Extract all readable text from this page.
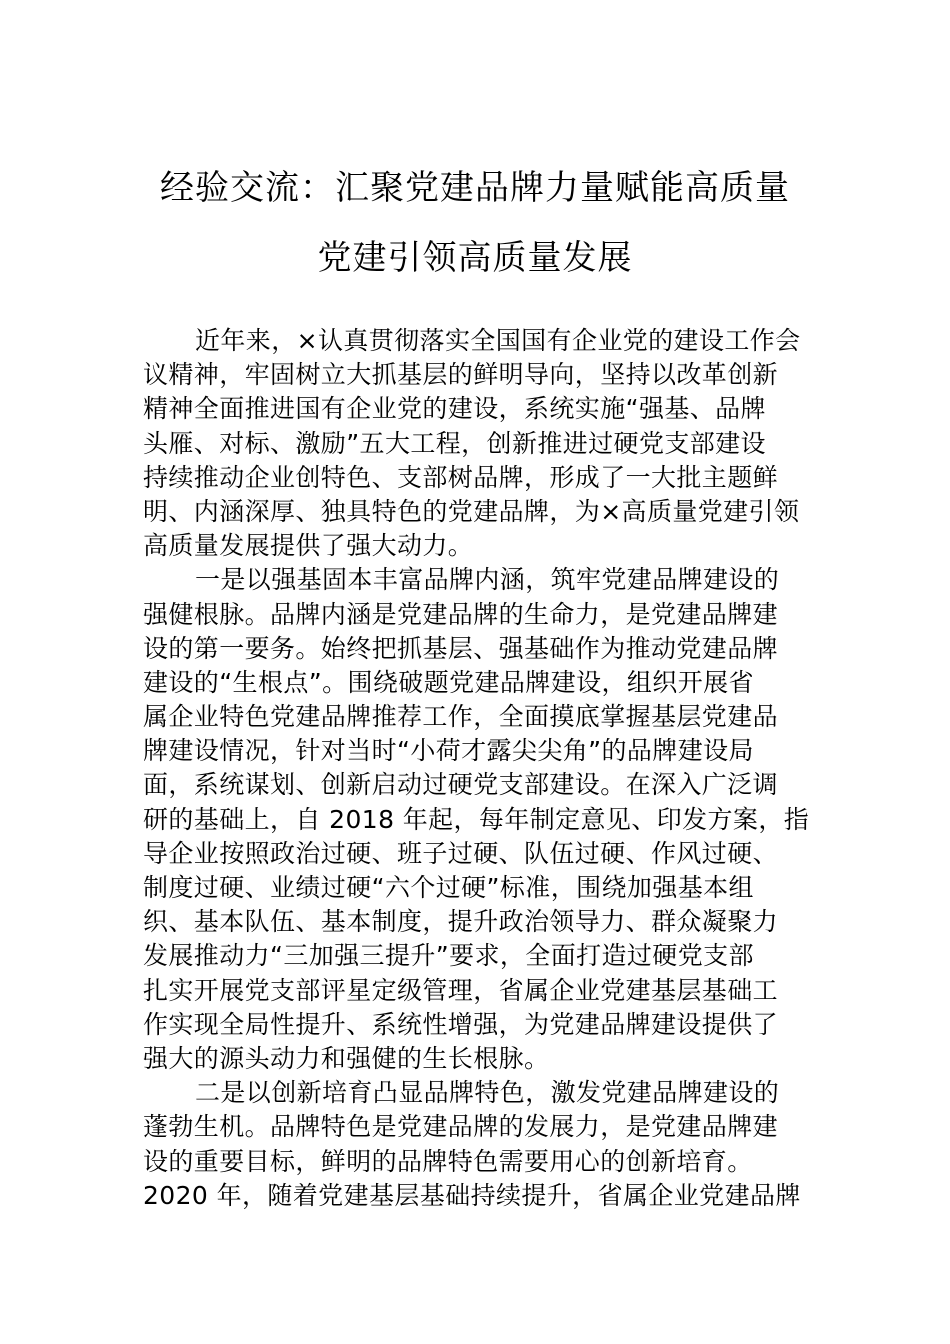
经验交流：汇聚党建品牌力量赋能高质量
党建引领高质量发展
近年来，×认真贯彻落实全国国有企业党的建设工作会
议精神，牢固树立大抓基层的鲜明导向，坚持以改革创新
精神全面推进国有企业党的建设，系统实施“强基、品牌
头雁、对标、激励”五大工程，创新推进过硬党支部建设
持续推动企业创特色、支部树品牌，形成了一大批主题鲜
明、内涵深厚、独具特色的党建品牌，为×高质量党建引领
高质量发展提供了强大动力。
一是以强基固本丰富品牌内涵，筑牢党建品牌建设的
强健根脉。品牌内涵是党建品牌的生命力，是党建品牌建
设的第一要务。始终把抓基层、强基础作为推动党建品牌
建设的“生根点”。围绕破题党建品牌建设，组织开展省
属企业特色党建品牌推荐工作，全面摸底掌握基层党建品
牌建设情况，针对当时“小荷才露尖尖角”的品牌建设局
面，系统谋划、创新启动过硬党支部建设。在深入广泛调
研的基础上，自 2018 年起，每年制定意见、印发方案，指
导企业按照政治过硬、班子过硬、队伍过硬、作风过硬、
制度过硬、业绩过硬“六个过硬”标准，围绕加强基本组
织、基本队伍、基本制度，提升政治领导力、群众凝聚力
发展推动力“三加强三提升”要求，全面打造过硬党支部
扎实开展党支部评星定级管理，省属企业党建基层基础工
作实现全局性提升、系统性增强，为党建品牌建设提供了
强大的源头动力和强健的生长根脉。
二是以创新培育凸显品牌特色，激发党建品牌建设的
蓬勃生机。品牌特色是党建品牌的发展力，是党建品牌建
设的重要目标，鲜明的品牌特色需要用心的创新培育。
2020 年，随着党建基层基础持续提升，省属企业党建品牌
